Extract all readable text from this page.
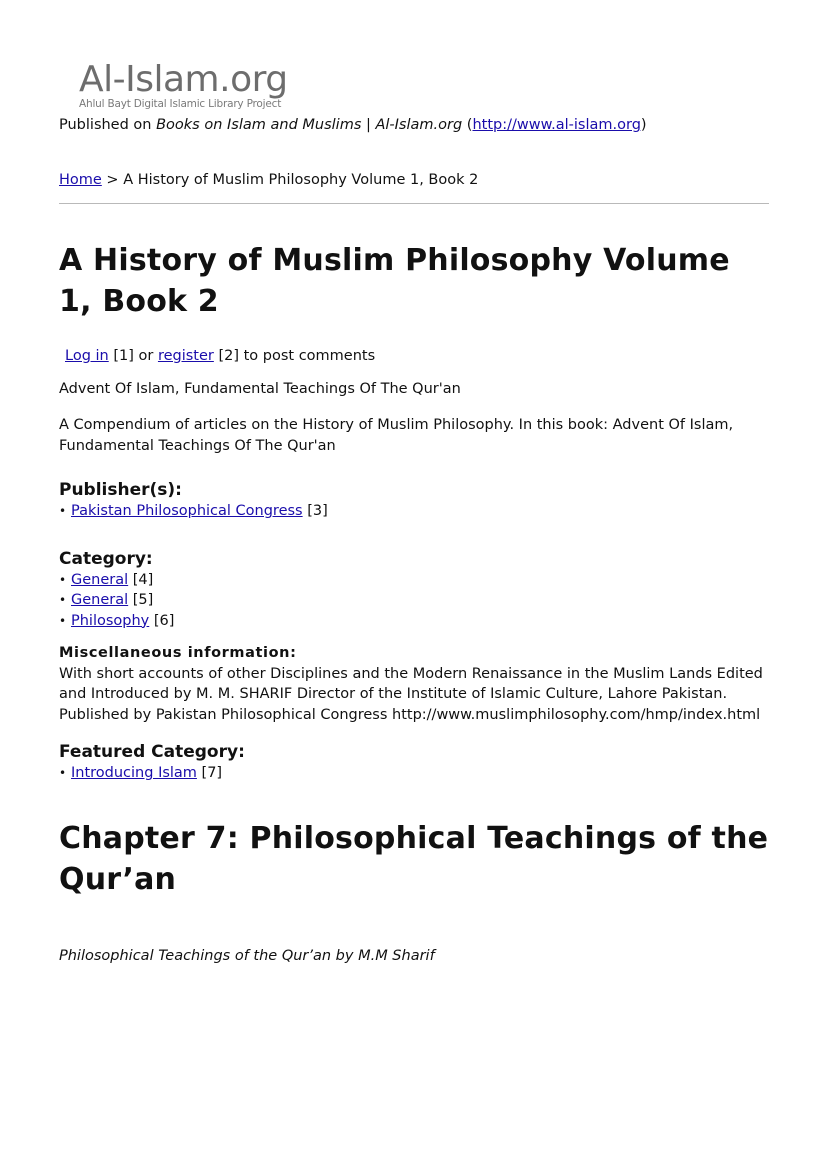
Al-Islam.org
Ahlul Bayt Digital Islamic Library Project
Published on Books on Islam and Muslims | Al-Islam.org (http://www.al-islam.org)
Home > A History of Muslim Philosophy Volume 1, Book 2
A History of Muslim Philosophy Volume 1, Book 2
Log in [1] or register [2] to post comments
Advent Of Islam, Fundamental Teachings Of The Qur'an
A Compendium of articles on the History of Muslim Philosophy. In this book: Advent Of Islam, Fundamental Teachings Of The Qur'an
Publisher(s):
• Pakistan Philosophical Congress [3]
Category:
• General [4]
• General [5]
• Philosophy [6]
Miscellaneous information:
With short accounts of other Disciplines and the Modern Renaissance in the Muslim Lands Edited and Introduced by M. M. SHARIF Director of the Institute of Islamic Culture, Lahore Pakistan. Published by Pakistan Philosophical Congress http://www.muslimphilosophy.com/hmp/index.html
Featured Category:
• Introducing Islam [7]
Chapter 7: Philosophical Teachings of the Qur’an
Philosophical Teachings of the Qur’an by M.M Sharif
